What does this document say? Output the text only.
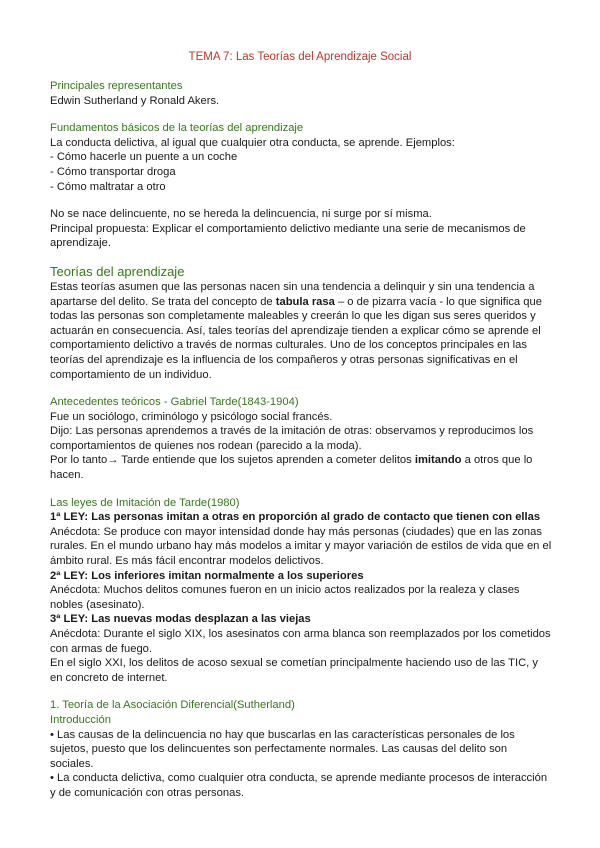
TEMA 7: Las Teorías del Aprendizaje Social

Principales representantes

Edwin Sutherland y Ronald Akers.

Fundamentos básicos de la teorías del aprendizaje

La conducta delictiva, al igual que cualquier otra conducta, se aprende. Ejemplos:

- Cómo hacerle un puente a un coche

- Cómo transportar droga

- Cómo maltratar a otro

No se nace delincuente, no se hereda la delincuencia, ni surge por sí misma.

Principal propuesta: Explicar el comportamiento delictivo mediante una serie de mecanismos de aprendizaje.

Teorías del aprendizaje

Estas teorías asumen que las personas nacen sin una tendencia a delinquir y sin una tendencia a apartarse del delito. Se trata del concepto de tabula rasa – o de pizarra vacía - lo que significa que todas las personas son completamente maleables y creerán lo que les digan sus seres queridos y actuarán en consecuencia. Así, tales teorías del aprendizaje tienden a explicar cómo se aprende el comportamiento delictivo a través de normas culturales. Uno de los conceptos principales en las teorías del aprendizaje es la influencia de los compañeros y otras personas significativas en el comportamiento de un individuo.

Antecedentes teóricos - Gabriel Tarde(1843-1904)

Fue un sociólogo, criminólogo y psicólogo social francés.

Dijo: Las personas aprendemos a través de la imitación de otras: observamos y reproducimos los comportamientos de quienes nos rodean (parecido a la moda).

Por lo tanto→ Tarde entiende que los sujetos aprenden a cometer delitos imitando a otros que lo hacen.

Las leyes de Imitación de Tarde(1980)

1ª LEY: Las personas imitan a otras en proporción al grado de contacto que tienen con ellas

Anécdota: Se produce con mayor intensidad donde hay más personas (ciudades) que en las zonas rurales. En el mundo urbano hay más modelos a imitar y mayor variación de estilos de vida que en el ámbito rural. Es más fácil encontrar modelos delictivos.

2ª LEY: Los inferiores imitan normalmente a los superiores

Anécdota: Muchos delitos comunes fueron en un inicio actos realizados por la realeza y clases nobles (asesinato).

3ª LEY: Las nuevas modas desplazan a las viejas

Anécdota: Durante el siglo XIX, los asesinatos con arma blanca son reemplazados por los cometidos con armas de fuego.

En el siglo XXI, los delitos de acoso sexual se cometían principalmente haciendo uso de las TIC, y en concreto de internet.

1. Teoría de la Asociación Diferencial(Sutherland)

Introducción

• Las causas de la delincuencia no hay que buscarlas en las características personales de los sujetos, puesto que los delincuentes son perfectamente normales. Las causas del delito son sociales.

• La conducta delictiva, como cualquier otra conducta, se aprende mediante procesos de interacción y de comunicación con otras personas.
